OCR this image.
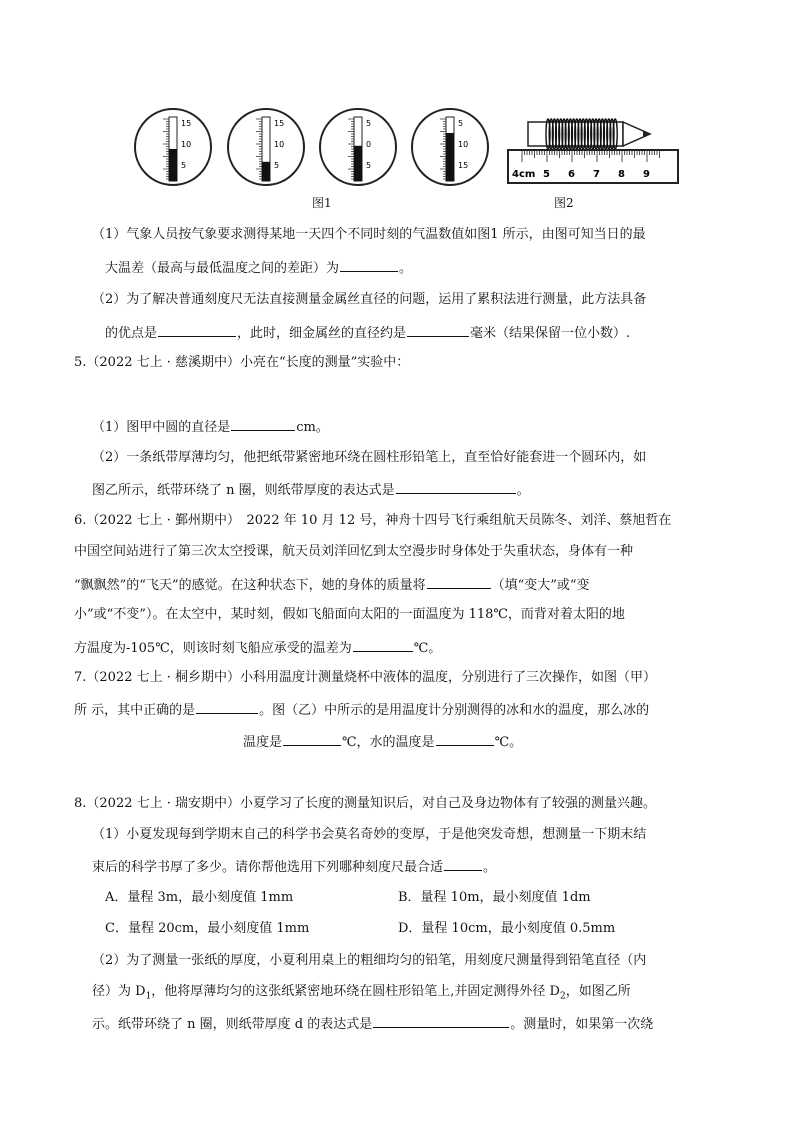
15
10
5
15
10
5
5
0
5
5
10
15
图1
4cm 5 6 7 8 9
图2
（1）气象人员按气象要求测得某地一天四个不同时刻的气温数值如图1 所示，由图可知当日的最
大温差（最高与最低温度之间的差距）为	。
（2）为了解决普通刻度尺无法直接测量金属丝直径的问题，运用了累积法进行测量，此方法具备
的优点是	，此时，细金属丝的直径约是	毫米（结果保留一位小数）.
5.（2022 七上 · 慈溪期中）小亮在“长度的测量”实验中：
（1）图甲中圆的直径是	cm。
（2）一条纸带厚薄均匀，他把纸带紧密地环绕在圆柱形铅笔上，直至恰好能套进一个圆环内，如
图乙所示，纸带环绕了 n 圈，则纸带厚度的表达式是	。
6.（2022 七上 · 鄞州期中）　2022 年 10 月 12 号，神舟十四号飞行乘组航天员陈冬、刘洋、蔡旭哲在
中国空间站进行了第三次太空授课，航天员刘洋回忆到太空漫步时身体处于失重状态，身体有一种
“飘飘然”的“飞天”的感觉。在这种状态下，她的身体的质量将	（填“变大”或“变
小”或“不变”）。在太空中，某时刻，假如飞船面向太阳的一面温度为 118℃，而背对着太阳的地
方温度为-105℃，则该时刻飞船应承受的温差为	℃。
7.（2022 七上 · 桐乡期中）小科用温度计测量烧杯中液体的温度，分别进行了三次操作，如图（甲）
所 示，其中正确的是	。图（乙）中所示的是用温度计分别测得的冰和水的温度，那么冰的
温度是	℃，水的温度是	℃。
8.（2022 七上 · 瑞安期中）小夏学习了长度的测量知识后，对自己及身边物体有了较强的测量兴趣。
（1）小夏发现每到学期末自己的科学书会莫名奇妙的变厚，于是他突发奇想，想测量一下期末结
束后的科学书厚了多少。请你帮他选用下列哪种刻度尺最合适	。
A．量程 3m，最小刻度值 1mm	B．量程 10m，最小刻度值 1dm
C．量程 20cm，最小刻度值 1mm	D．量程 10cm，最小刻度值 0.5mm
（2）为了测量一张纸的厚度，小夏利用桌上的粗细均匀的铅笔，用刻度尺测量得到铅笔直径（内
径）为 $D_1$，他将厚薄均匀的这张纸紧密地环绕在圆柱形铅笔上,并固定测得外径 $D_2$，如图乙所
示。纸带环绕了 n 圈，则纸带厚度 d 的表达式是	。测量时，如果第一次绕
